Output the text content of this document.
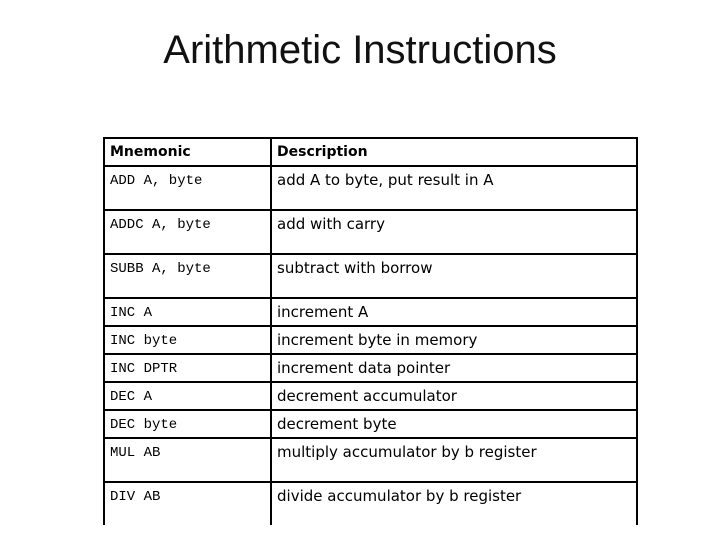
Arithmetic Instructions
Mnemonic	Description
ADD A, byte	add A to byte, put result in A
ADDC A, byte	add with carry
SUBB A, byte	subtract with borrow
INC A	increment A
INC byte	increment byte in memory
INC DPTR	increment data pointer
DEC A	decrement accumulator
DEC byte	decrement byte
MUL AB	multiply accumulator by b register
DIV AB	divide accumulator by b register
